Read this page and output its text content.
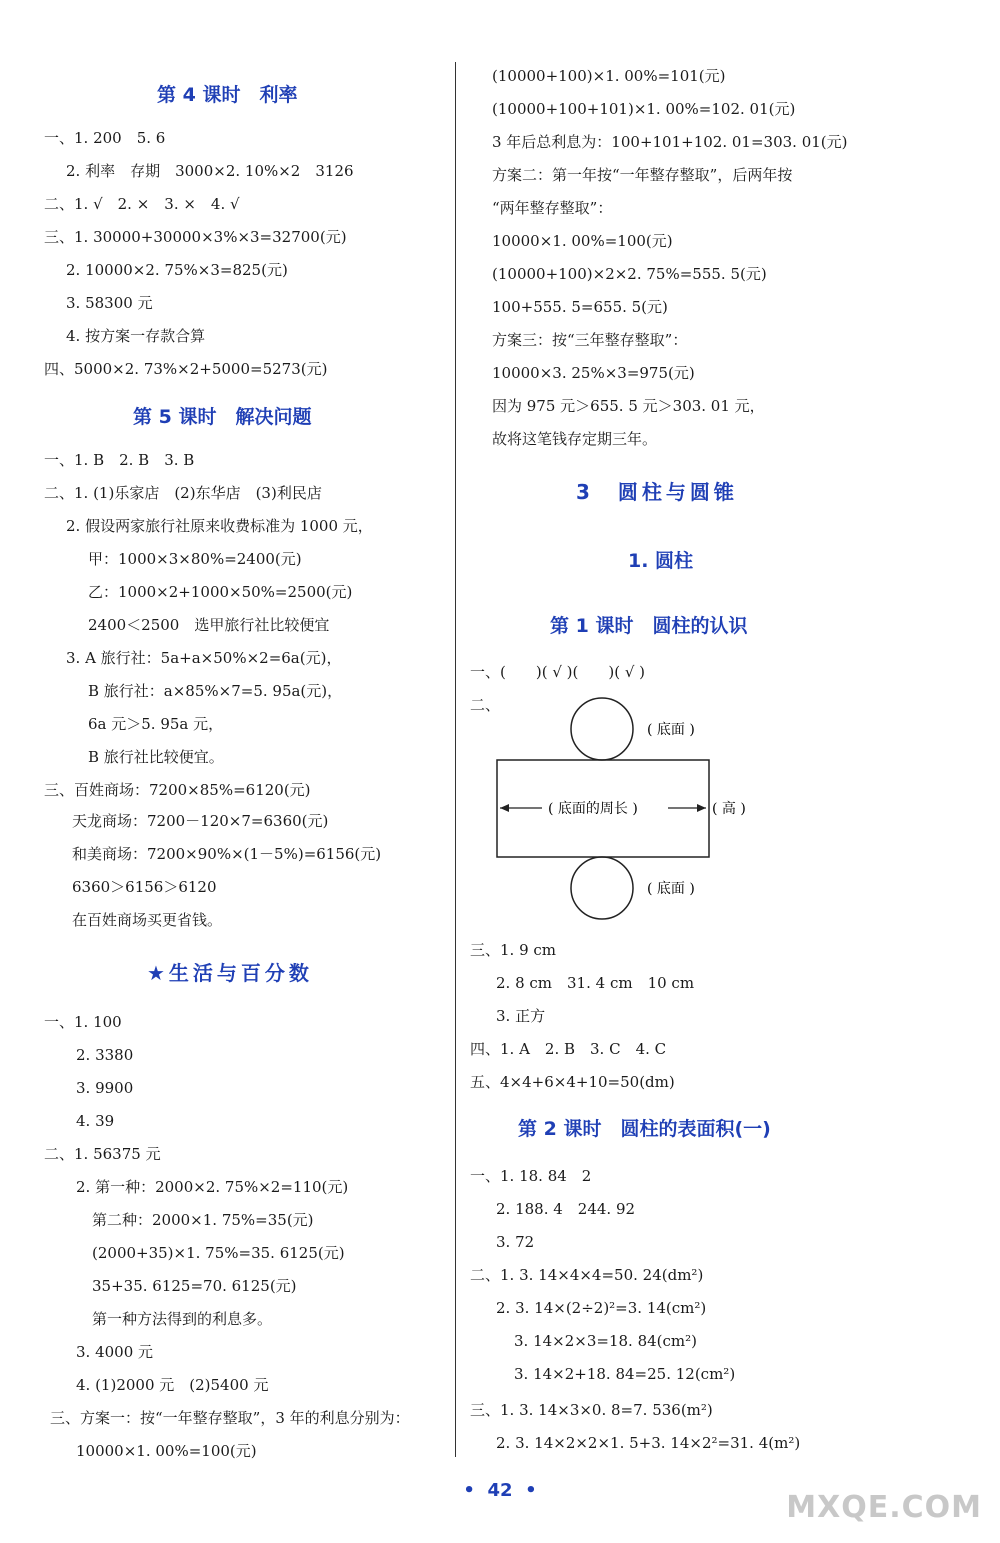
第 4 课时　利率
一、1. 200　5. 6
2. 利率　存期　3000×2. 10%×2　3126
二、1. √　2. ×　3. ×　4. √
三、1. 30000+30000×3%×3=32700(元)
2. 10000×2. 75%×3=825(元)
3. 58300 元
4. 按方案一存款合算
四、5000×2. 73%×2+5000=5273(元)
第 5 课时　解决问题
一、1. B　2. B　3. B
二、1. (1)乐家店　(2)东华店　(3)利民店
2. 假设两家旅行社原来收费标准为 1000 元，
甲：1000×3×80%=2400(元)
乙：1000×2+1000×50%=2500(元)
2400＜2500　选甲旅行社比较便宜
3. A 旅行社：5a+a×50%×2=6a(元)，
B 旅行社：a×85%×7=5. 95a(元)，
6a 元＞5. 95a 元，
B 旅行社比较便宜。
三、百姓商场：7200×85%=6120(元)
天龙商场：7200－120×7=6360(元)
和美商场：7200×90%×(1－5%)=6156(元)
6360＞6156＞6120
在百姓商场买更省钱。
★生活与百分数
一、1. 100
2. 3380
3. 9900
4. 39
二、1. 56375 元
2. 第一种：2000×2. 75%×2=110(元)
第二种：2000×1. 75%=35(元)
(2000+35)×1. 75%=35. 6125(元)
35+35. 6125=70. 6125(元)
第一种方法得到的利息多。
3. 4000 元
4. (1)2000 元　(2)5400 元
三、方案一：按“一年整存整取”，3 年的利息分别为：
10000×1. 00%=100(元)
(10000+100)×1. 00%=101(元)
(10000+100+101)×1. 00%=102. 01(元)
3 年后总利息为：100+101+102. 01=303. 01(元)
方案二：第一年按“一年整存整取”，后两年按
“两年整存整取”：
10000×1. 00%=100(元)
(10000+100)×2×2. 75%=555. 5(元)
100+555. 5=655. 5(元)
方案三：按“三年整存整取”：
10000×3. 25%×3=975(元)
因为 975 元＞655. 5 元＞303. 01 元，
故将这笔钱存定期三年。
3　圆柱与圆锥
1. 圆柱
第 1 课时　圆柱的认识
一、(　　)( √ )(　　)( √ )
二、
( 底面 )
( 底面的周长 )	( 高 )
( 底面 )
三、1. 9 cm
2. 8 cm　31. 4 cm　10 cm
3. 正方
四、1. A　2. B　3. C　4. C
五、4×4+6×4+10=50(dm)
第 2 课时　圆柱的表面积(一)
一、1. 18. 84　2
2. 188. 4　244. 92
3. 72
二、1. 3. 14×4×4=50. 24(dm²)
2. 3. 14×(2÷2)²=3. 14(cm²)
3. 14×2×3=18. 84(cm²)
3. 14×2+18. 84=25. 12(cm²)
三、1. 3. 14×3×0. 8=7. 536(m²)
2. 3. 14×2×2×1. 5+3. 14×2²=31. 4(m²)
•  42  •	MXQE.COM
